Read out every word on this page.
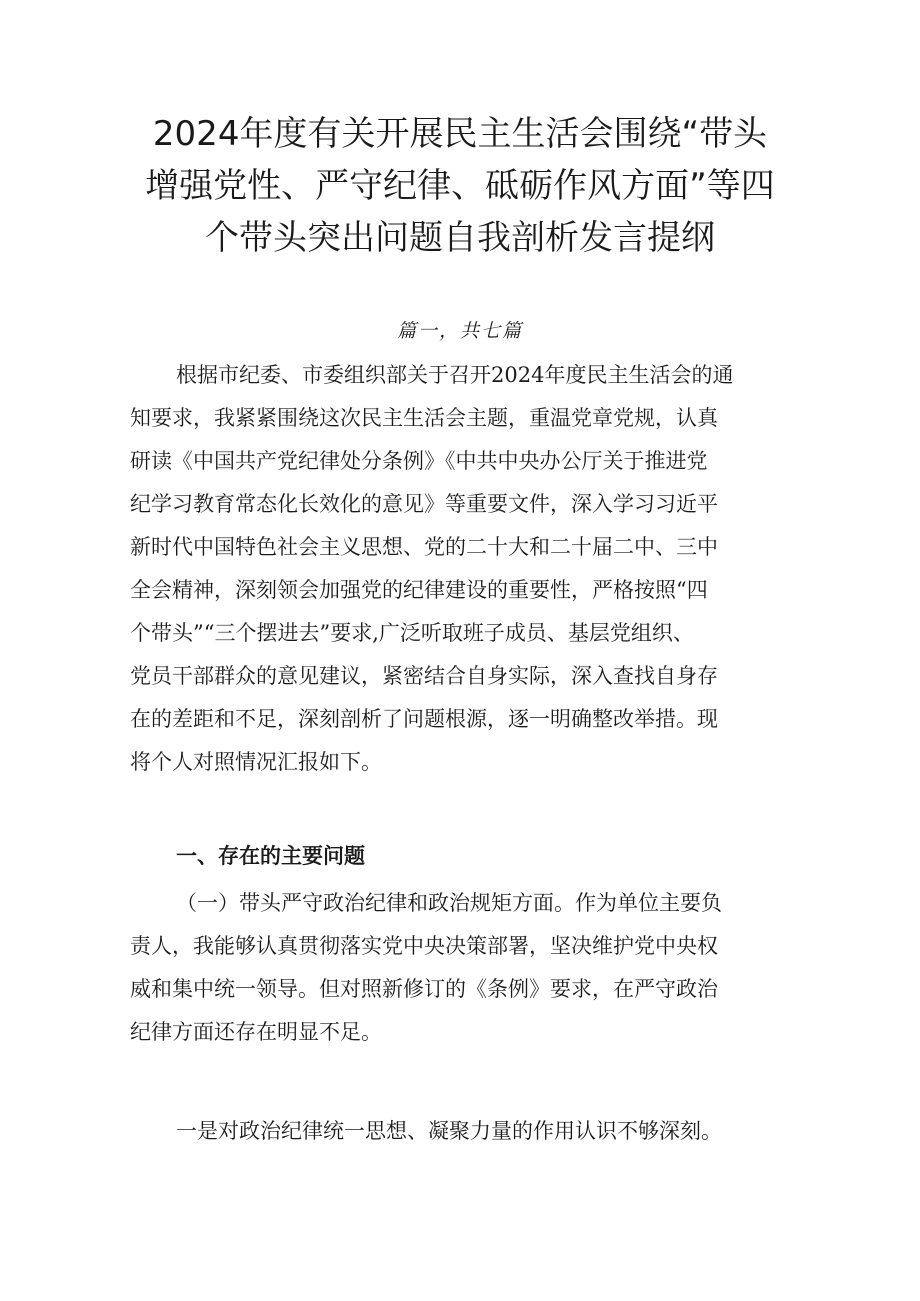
2024年度有关开展民主生活会围绕“带头
增强党性、严守纪律、砥砺作风方面”等四
个带头突出问题自我剖析发言提纲
篇一，共七篇

根据市纪委、市委组织部关于召开2024年度民主生活会的通
知要求，我紧紧围绕这次民主生活会主题，重温党章党规，认真
研读《中国共产党纪律处分条例》《中共中央办公厅关于推进党
纪学习教育常态化长效化的意见》等重要文件，深入学习习近平
新时代中国特色社会主义思想、党的二十大和二十届二中、三中
全会精神，深刻领会加强党的纪律建设的重要性，严格按照“四
个带头”“三个摆进去”要求,广泛听取班子成员、基层党组织、
党员干部群众的意见建议，紧密结合自身实际，深入查找自身存
在的差距和不足，深刻剖析了问题根源，逐一明确整改举措。现
将个人对照情况汇报如下。

一、存在的主要问题

（一）带头严守政治纪律和政治规矩方面。作为单位主要负
责人，我能够认真贯彻落实党中央决策部署，坚决维护党中央权
威和集中统一领导。但对照新修订的《条例》要求，在严守政治
纪律方面还存在明显不足。

一是对政治纪律统一思想、凝聚力量的作用认识不够深刻。
